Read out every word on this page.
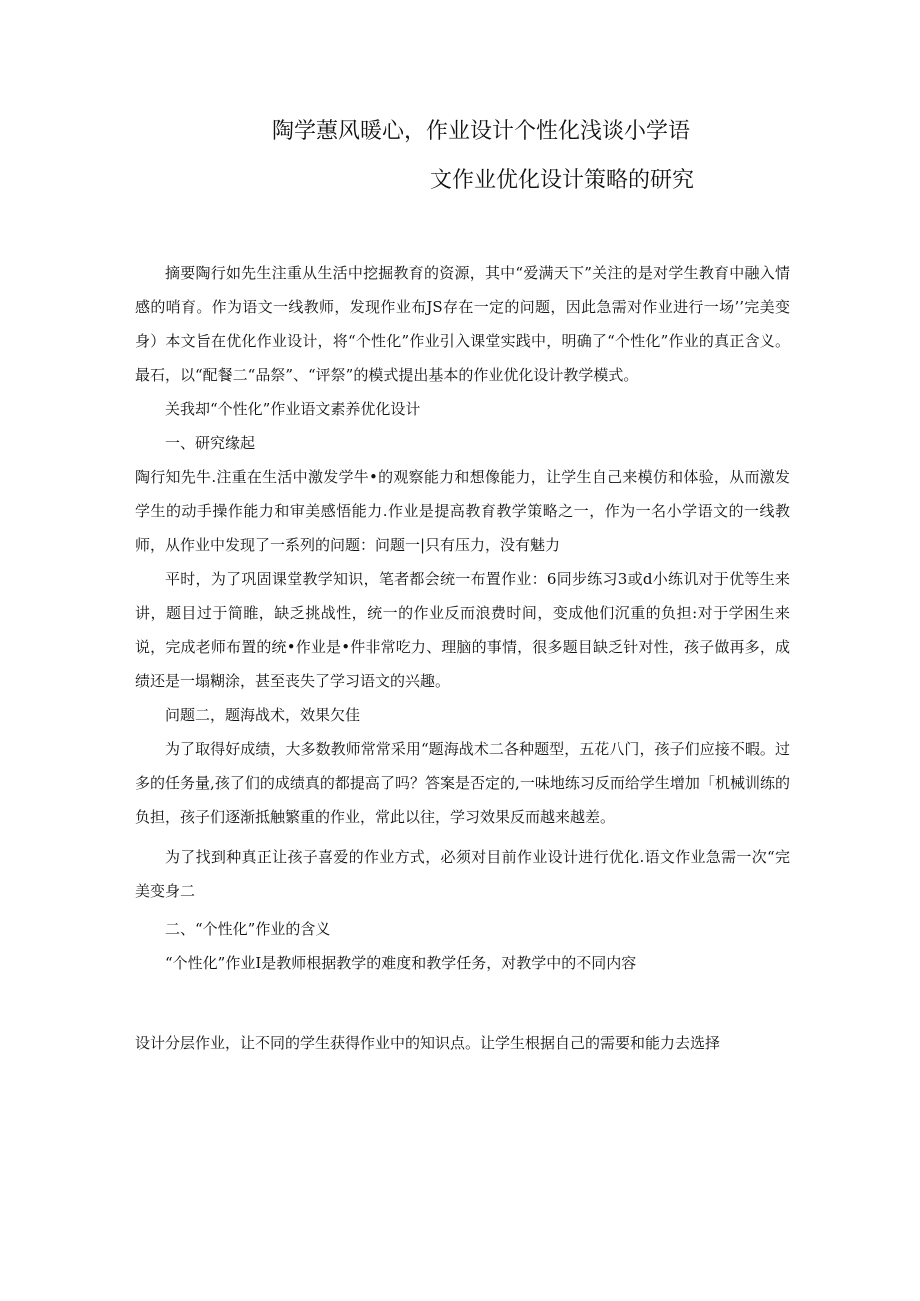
陶学蕙风暖心，作业设计个性化浅谈小学语
文作业优化设计策略的研究

摘要陶行如先生注重从生活中挖掘教育的资源，其中“爱满天下”关注的是对学生教育中融入情感的哨育。作为语文一线教师，发现作业布JS存在一定的问题，因此急需对作业进行一场’’完美变身）本文旨在优化作业设计，将“个性化”作业引入课堂实践中，明确了“个性化”作业的真正含义。最石，以“配餐二“品祭”、“评祭”的模式提出基本的作业优化设计教学模式。

关我却“个性化”作业语文素养优化设计

一、研究缘起

陶行知先牛.注重在生活中激发学牛•的观察能力和想像能力，让学生自己来模仿和体验，从而激发学生的动手操作能力和审美感悟能力.作业是提高教育教学策略之一，作为一名小学语文的一线教师，从作业中发现了一系列的问题：问题一|只有压力，没有魅力

平时，为了巩固课堂教学知识，笔者都会统一布置作业：6同步练习3或d小练讥对于优等生来讲，题目过于简睢，缺乏挑战性，统一的作业反而浪费时间，变成他们沉重的负担:对于学困生来说，完成老师布置的统•作业是•件非常吃力、理脑的事情，很多题目缺乏针对性，孩子做再多，成绩还是一塌糊涂，甚至丧失了学习语文的兴趣。

问题二，题海战术，效果欠佳

为了取得好成绩，大多数教师常常采用“题海战术二各种题型，五花八门，孩子们应接不暇。过多的任务量,孩了们的成绩真的都提高了吗？答案是否定的,一味地练习反而给学生增加「机械训练的负担，孩子们逐渐抵触繁重的作业，常此以往，学习效果反而越来越差。

为了找到种真正让孩子喜爱的作业方式，必须对目前作业设计进行优化.语文作业急需一次“完美变身二

二、“个性化”作业的含义

“个性化”作业I是教师根据教学的难度和教学任务，对教学中的不同内容

设计分层作业，让不同的学生获得作业中的知识点。让学生根据自己的需要和能力去选择
